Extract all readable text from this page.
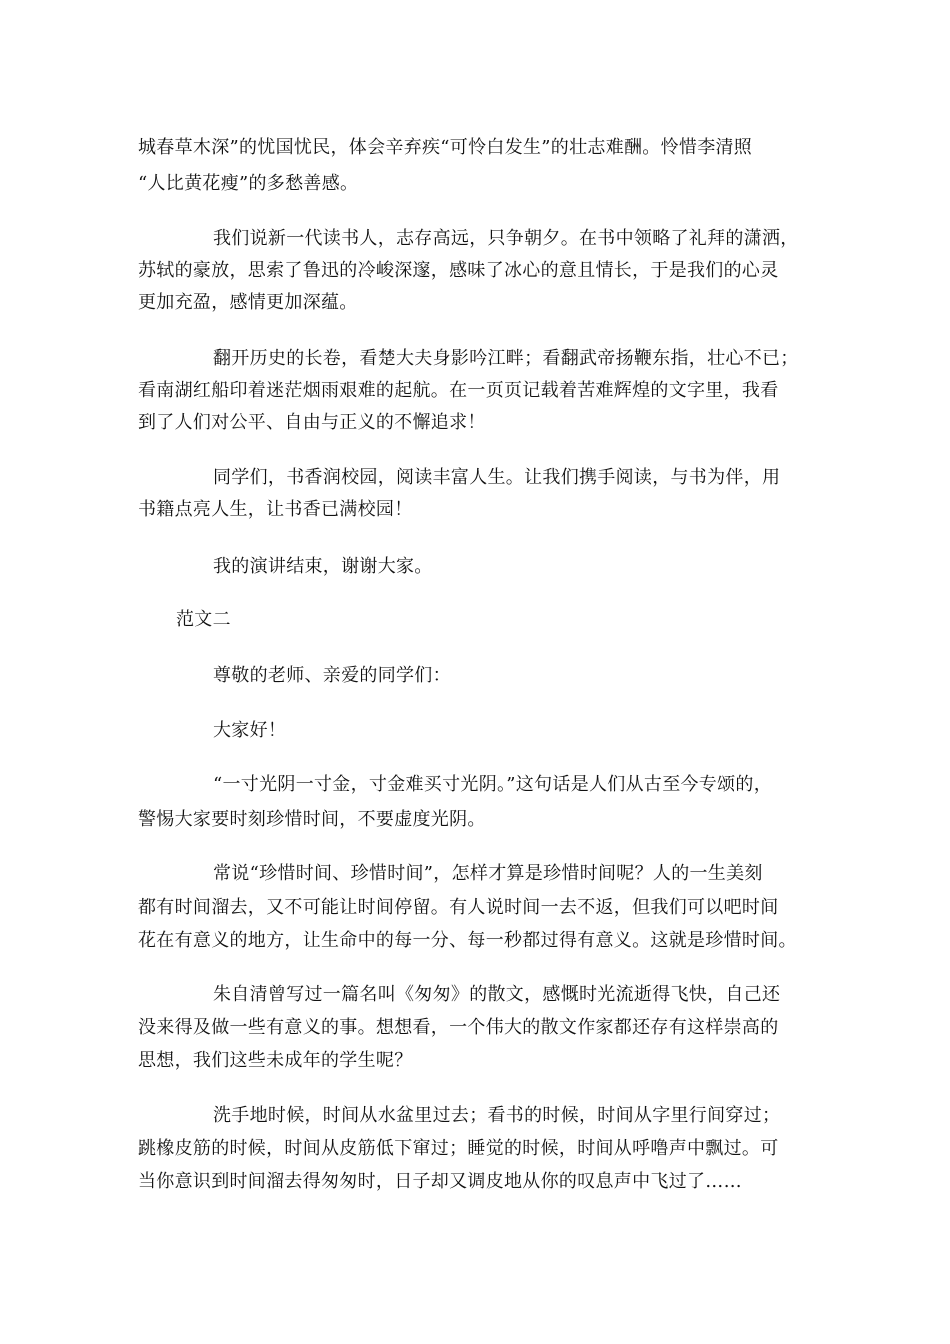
城春草木深”的忧国忧民，体会辛弃疾“可怜白发生”的壮志难酬。怜惜李清照
“人比黄花瘦”的多愁善感。
我们说新一代读书人，志存高远，只争朝夕。在书中领略了礼拜的潇洒，
苏轼的豪放，思索了鲁迅的冷峻深邃，感味了冰心的意且情长，于是我们的心灵
更加充盈，感情更加深蕴。
翻开历史的长卷，看楚大夫身影吟江畔；看翻武帝扬鞭东指，壮心不已；
看南湖红船印着迷茫烟雨艰难的起航。在一页页记载着苦难辉煌的文字里，我看
到了人们对公平、自由与正义的不懈追求！
同学们，书香润校园，阅读丰富人生。让我们携手阅读，与书为伴，用
书籍点亮人生，让书香已满校园！
我的演讲结束，谢谢大家。
范文二
尊敬的老师、亲爱的同学们：
大家好！
“一寸光阴一寸金，寸金难买寸光阴。”这句话是人们从古至今专颂的，
警惕大家要时刻珍惜时间，不要虚度光阴。
常说“珍惜时间、珍惜时间”，怎样才算是珍惜时间呢？人的一生美刻
都有时间溜去，又不可能让时间停留。有人说时间一去不返，但我们可以吧时间
花在有意义的地方，让生命中的每一分、每一秒都过得有意义。这就是珍惜时间。
朱自清曾写过一篇名叫《匆匆》的散文，感慨时光流逝得飞快，自己还
没来得及做一些有意义的事。想想看，一个伟大的散文作家都还存有这样崇高的
思想，我们这些未成年的学生呢？
洗手地时候，时间从水盆里过去；看书的时候，时间从字里行间穿过；
跳橡皮筋的时候，时间从皮筋低下窜过；睡觉的时候，时间从呼噜声中飘过。可
当你意识到时间溜去得匆匆时，日子却又调皮地从你的叹息声中飞过了……
